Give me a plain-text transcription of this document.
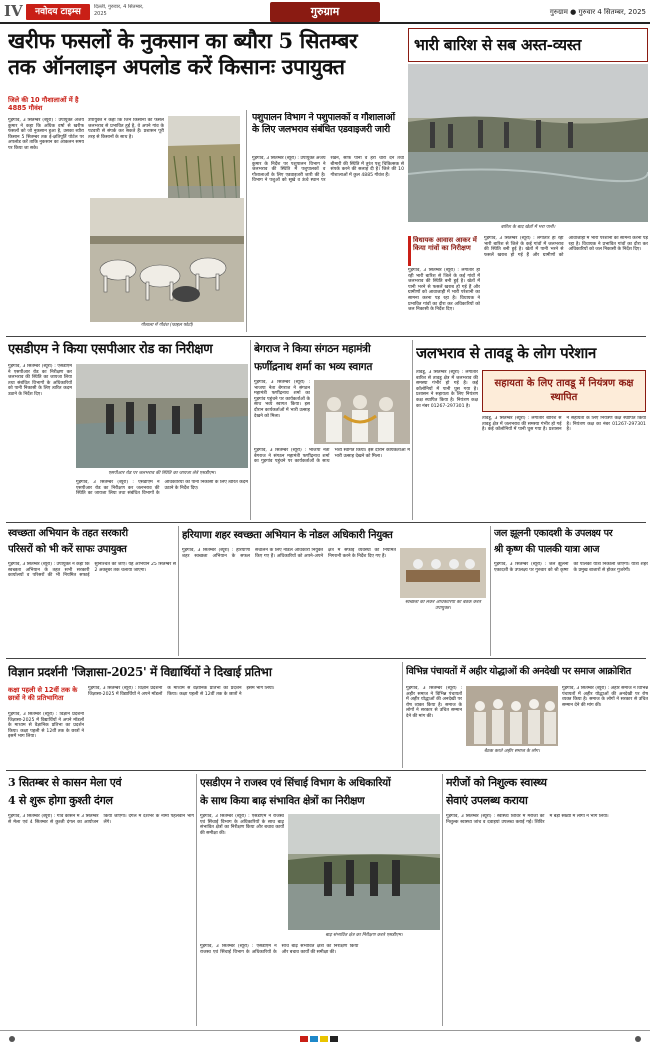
IV	नवोदय टाइम्स	दिल्ली, गुरुवार, 4 सितम्बर, 2025	गुरुग्राम	गुरुग्राम ● गुरुवार 4 सितम्बर, 2025
खरीफ फसलों के नुकसान का ब्यौरा 5 सितम्बर
तक ऑनलाइन अपलोड करें किसानः उपायुक्त
जिले की 10 गौशालाओं में है 4885 गौवंश
गुड़गांव, 3 सितम्बर (ब्यूरो) : उपायुक्त अजय कुमार ने कहा कि अधिक वर्षा से खरीफ फसलों को जो नुकसान हुआ है, उसका ब्यौरा किसान 5 सितम्बर तक ई-क्षतिपूर्ति पोर्टल पर अपलोड करें ताकि नुकसान का आकलन समय पर किया जा सके।
उपायुक्त ने कहा कि जिन किसानों की फसल जलभराव से प्रभावित हुई है, वे अपने गांव के पटवारी से संपर्क कर सकते हैं। प्रशासन पूरी तरह से किसानों के साथ है।
गौशाला में गौवंश (फाइल फोटो)
पशुपालन विभाग ने पशुपालकों व गौशालाओं के लिए जलभराव संबंधित एडवाइजरी जारी
गुड़गांव, 3 सितम्बर (ब्यूरो) : उपायुक्त अजय कुमार के निर्देश पर पशुपालन विभाग ने जलभराव की स्थिति में पशुपालकों व गौशालाओं के लिए एडवाइजरी जारी की है। विभाग ने पशुओं को सूखे व ऊंचे स्थान पर रखने, साफ पानी व हरा चारा देने तथा बीमारी की स्थिति में तुरंत पशु चिकित्सक से संपर्क करने की सलाह दी है। जिले की 10 गौशालाओं में कुल 4885 गौवंश हैं।
भारी बारिश से सब अस्त-व्यस्त
बारिश के बाद खेतों में भरा पानी।
विधायक आवास आकर में किया गांवों का निरीक्षण
गुड़गांव, 3 सितम्बर (ब्यूरो) : लगातार हो रही भारी बारिश से जिले के कई गांवों में जलभराव की स्थिति बनी हुई है। खेतों में पानी भरने से फसलें खराब हो गई हैं और ग्रामीणों को आवाजाही में भारी परेशानी का सामना करना पड़ रहा है। विधायक ने प्रभावित गांवों का दौरा कर अधिकारियों को जल निकासी के निर्देश दिए।
गुड़गांव, 3 सितम्बर (ब्यूरो) : लगातार हो रही भारी बारिश से जिले के कई गांवों में जलभराव की स्थिति बनी हुई है। खेतों में पानी भरने से फसलें खराब हो गई हैं और ग्रामीणों को आवाजाही में भारी परेशानी का सामना करना पड़ रहा है। विधायक ने प्रभावित गांवों का दौरा कर अधिकारियों को जल निकासी के निर्देश दिए।
एसडीएम ने किया एसपीआर रोड का निरीक्षण
गुड़गांव, 3 सितम्बर (ब्यूरो) : एसडीएम ने एसपीआर रोड का निरीक्षण कर जलभराव की स्थिति का जायजा लिया तथा संबंधित विभागों के अधिकारियों को पानी निकासी के लिए त्वरित कदम उठाने के निर्देश दिए।
एसपीआर रोड पर जलभराव की स्थिति का जायजा लेते एसडीएम।
गुड़गांव, 3 सितम्बर (ब्यूरो) : एसडीएम ने एसपीआर रोड का निरीक्षण कर जलभराव की स्थिति का जायजा लिया तथा संबंधित विभागों के अधिकारियों को पानी निकासी के लिए त्वरित कदम उठाने के निर्देश दिए।
बेगराज ने किया संगठन महामंत्री
फणींद्रनाथ शर्मा का भव्य स्वागत
गुड़गांव, 3 सितम्बर (ब्यूरो) : भाजपा नेता बेगराज ने संगठन महामंत्री फणींद्रनाथ शर्मा का गुड़गांव पहुंचने पर कार्यकर्ताओं के साथ भव्य स्वागत किया। इस दौरान कार्यकर्ताओं में भारी उत्साह देखने को मिला।
गुड़गांव, 3 सितम्बर (ब्यूरो) : भाजपा नेता बेगराज ने संगठन महामंत्री फणींद्रनाथ शर्मा का गुड़गांव पहुंचने पर कार्यकर्ताओं के साथ भव्य स्वागत किया। इस दौरान कार्यकर्ताओं में भारी उत्साह देखने को मिला।
जलभराव से तावडू के लोग परेशान
सहायता के लिए तावडू में नियंत्रण कक्ष स्थापित
तावडू, 3 सितम्बर (ब्यूरो) : लगातार बारिश से तावडू क्षेत्र में जलभराव की समस्या गंभीर हो गई है। कई कॉलोनियों में पानी घुस गया है। प्रशासन ने सहायता के लिए नियंत्रण कक्ष स्थापित किया है। नियंत्रण कक्ष का नंबर 01267-297301 है।
तावडू, 3 सितम्बर (ब्यूरो) : लगातार बारिश से तावडू क्षेत्र में जलभराव की समस्या गंभीर हो गई है। कई कॉलोनियों में पानी घुस गया है। प्रशासन ने सहायता के लिए नियंत्रण कक्ष स्थापित किया है। नियंत्रण कक्ष का नंबर 01267-297301 है।
स्वच्छता अभियान के तहत सरकारी
परिसरों को भी करें साफः उपायुक्त
गुड़गांव, 3 सितम्बर (ब्यूरो) : उपायुक्त ने कहा कि स्वच्छता अभियान के तहत सभी सरकारी कार्यालयों व परिसरों की भी नियमित सफाई सुनिश्चित की जाए। यह अभियान 25 सितम्बर से 2 अक्तूबर तक चलाया जाएगा।
हरियाणा शहर स्वच्छता अभियान के नोडल अधिकारी नियुक्त
गुड़गांव, 3 सितम्बर (ब्यूरो) : हरियाणा शहर स्वच्छता अभियान के सफल संचालन के लिए नोडल अधिकारी नियुक्त किए गए हैं। अधिकारियों को अपने-अपने क्षेत्र में सफाई व्यवस्था की नियमित निगरानी करने के निर्देश दिए गए हैं।
स्वच्छता को लेकर अधिकारियों की बैठक करते उपायुक्त।
जल झूलनी एकादशी के उपलक्ष्य पर
श्री कृष्ण की पालकी यात्रा आज
गुड़गांव, 3 सितम्बर (ब्यूरो) : जल झूलनी एकादशी के उपलक्ष्य पर गुरुवार को श्री कृष्ण की पालकी यात्रा निकाली जाएगी। यात्रा शहर के प्रमुख बाजारों से होकर गुजरेगी।
विज्ञान प्रदर्शनी 'जिज्ञासा-2025' में विद्यार्थियों ने दिखाई प्रतिभा
कक्षा पहली से 12वीं तक के छात्रों ने की प्रतिभागिता
गुड़गांव, 3 सितम्बर (ब्यूरो) : विज्ञान प्रदर्शनी जिज्ञासा-2025 में विद्यार्थियों ने अपने मॉडलों के माध्यम से वैज्ञानिक प्रतिभा का प्रदर्शन किया। कक्षा पहली से 12वीं तक के छात्रों ने इसमें भाग लिया।
गुड़गांव, 3 सितम्बर (ब्यूरो) : विज्ञान प्रदर्शनी जिज्ञासा-2025 में विद्यार्थियों ने अपने मॉडलों के माध्यम से वैज्ञानिक प्रतिभा का प्रदर्शन किया। कक्षा पहली से 12वीं तक के छात्रों ने इसमें भाग लिया।
विभिन्न पंचायतों में अहीर योद्धाओं की अनदेखी पर समाज आक्रोशित
गुड़गांव, 3 सितम्बर (ब्यूरो) : अहीर समाज ने विभिन्न पंचायतों में अहीर योद्धाओं की अनदेखी पर रोष व्यक्त किया है। समाज के लोगों ने सरकार से उचित सम्मान देने की मांग की।
बैठक करते अहीर समाज के लोग।
गुड़गांव, 3 सितम्बर (ब्यूरो) : अहीर समाज ने विभिन्न पंचायतों में अहीर योद्धाओं की अनदेखी पर रोष व्यक्त किया है। समाज के लोगों ने सरकार से उचित सम्मान देने की मांग की।
3 सितम्बर से कासन मेला एवं
4 से शुरू होगा कुश्ती दंगल
गुड़गांव, 3 सितम्बर (ब्यूरो) : गांव कासन में 3 सितम्बर से मेला एवं 4 सितम्बर से कुश्ती दंगल का आयोजन किया जाएगा। दंगल में देशभर के नामी पहलवान भाग लेंगे।
एसडीएम ने राजस्व एवं सिंचाई विभाग के अधिकारियों
के साथ किया बाढ़ संभावित क्षेत्रों का निरीक्षण
गुड़गांव, 3 सितम्बर (ब्यूरो) : एसडीएम ने राजस्व एवं सिंचाई विभाग के अधिकारियों के साथ बाढ़ संभावित क्षेत्रों का निरीक्षण किया और बचाव कार्यों की समीक्षा की।
बाढ़ संभावित क्षेत्र का निरीक्षण करते एसडीएम।
गुड़गांव, 3 सितम्बर (ब्यूरो) : एसडीएम ने राजस्व एवं सिंचाई विभाग के अधिकारियों के साथ बाढ़ संभावित क्षेत्रों का निरीक्षण किया और बचाव कार्यों की समीक्षा की।
मरीजों को निशुल्क स्वास्थ्य
सेवाएं उपलब्ध कराया
गुड़गांव, 3 सितम्बर (ब्यूरो) : स्वास्थ्य शिविर में मरीजों को निशुल्क स्वास्थ्य जांच व दवाइयां उपलब्ध कराई गईं। शिविर में बड़ी संख्या में लोगों ने भाग लिया।
